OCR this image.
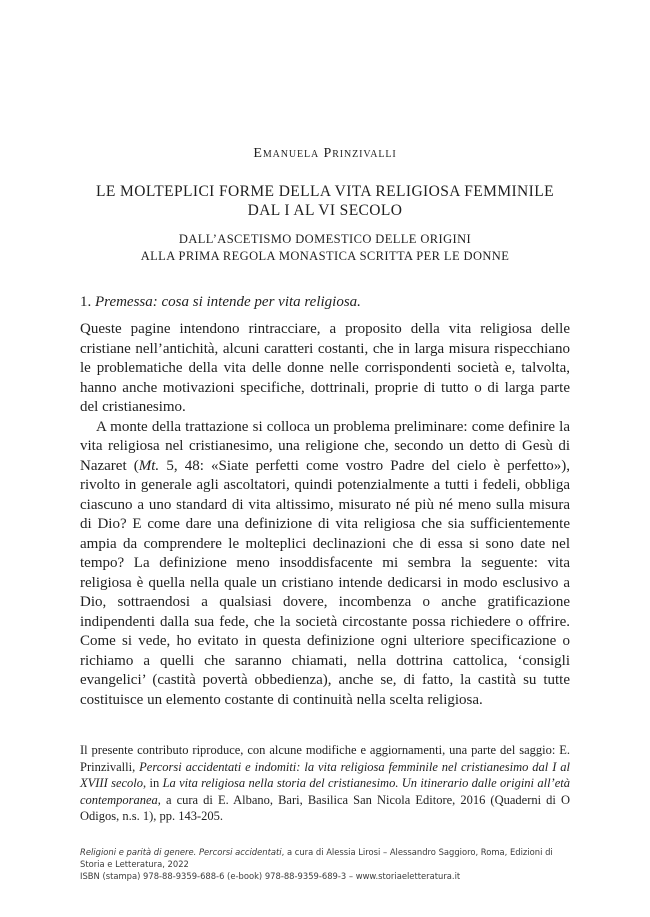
Emanuela Prinzivalli
LE MOLTEPLICI FORME DELLA VITA RELIGIOSA FEMMINILE
DAL I AL VI SECOLO
DALL’ASCETISMO DOMESTICO DELLE ORIGINI
ALLA PRIMA REGOLA MONASTICA SCRITTA PER LE DONNE
1. Premessa: cosa si intende per vita religiosa.

Queste pagine intendono rintracciare, a proposito della vita religiosa delle cristiane nell’antichità, alcuni caratteri costanti, che in larga misura rispecchiano le problematiche della vita delle donne nelle corrispondenti società e, talvolta, hanno anche motivazioni specifiche, dottrinali, proprie di tutto o di larga parte del cristianesimo.

A monte della trattazione si colloca un problema preliminare: come definire la vita religiosa nel cristianesimo, una religione che, secondo un detto di Gesù di Nazaret (Mt. 5, 48: «Siate perfetti come vostro Padre del cielo è perfetto»), rivolto in generale agli ascoltatori, quindi potenzialmente a tutti i fedeli, obbliga ciascuno a uno standard di vita altissimo, misurato né più né meno sulla misura di Dio? E come dare una definizione di vita religiosa che sia sufficientemente ampia da comprendere le molteplici declinazioni che di essa si sono date nel tempo? La definizione meno insoddisfacente mi sembra la seguente: vita religiosa è quella nella quale un cristiano intende dedicarsi in modo esclusivo a Dio, sottraendosi a qualsiasi dovere, incombenza o anche gratificazione indipendenti dalla sua fede, che la società circostante possa richiedere o offrire. Come si vede, ho evitato in questa definizione ogni ulteriore specificazione o richiamo a quelli che saranno chiamati, nella dottrina cattolica, ‘consigli evangelici’ (castità povertà obbedienza), anche se, di fatto, la castità su tutte costituisce un elemento costante di continuità nella scelta religiosa.

Il presente contributo riproduce, con alcune modifiche e aggiornamenti, una parte del saggio: E. Prinzivalli, Percorsi accidentati e indomiti: la vita religiosa femminile nel cristianesimo dal I al XVIII secolo, in La vita religiosa nella storia del cristianesimo. Un itinerario dalle origini all’età contemporanea, a cura di E. Albano, Bari, Basilica San Nicola Editore, 2016 (Quaderni di O Odigos, n.s. 1), pp. 143-205.

Religioni e parità di genere. Percorsi accidentati, a cura di Alessia Lirosi – Alessandro Saggioro, Roma, Edizioni di Storia e Letteratura, 2022

ISBN (stampa) 978-88-9359-688-6 (e-book) 978-88-9359-689-3 – www.storiaeletteratura.it
